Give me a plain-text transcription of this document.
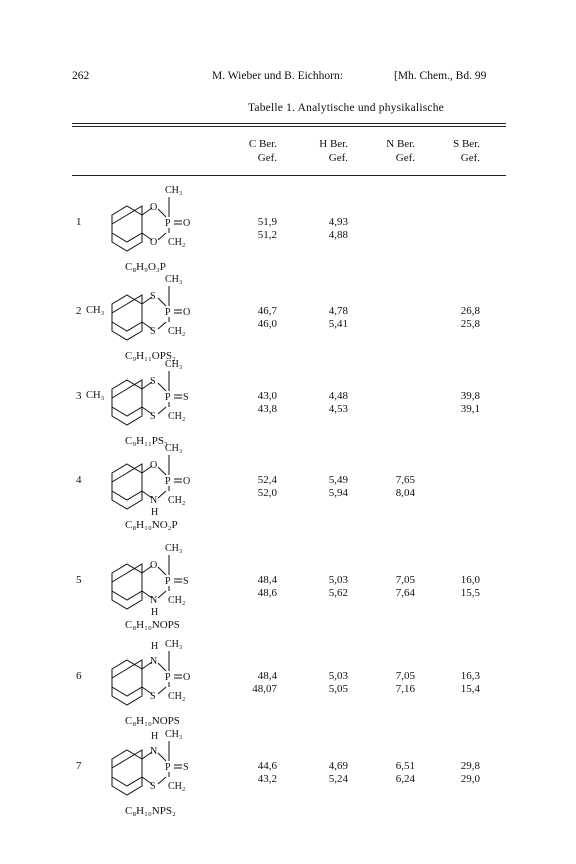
262	M. Wieber und B. Eichhorn:	[Mh. Chem., Bd. 99
Tabelle 1. Analytische und physikalische
C Ber.
Gef.
H Ber.
Gef.
N Ber.
Gef.
S Ber.
Gef.
1
CH₃
O
P O
O CH₂
C₈H₉O₃P
51,9
51,2
4,93
4,88
2
CH₃
S
P O
S CH₂
CH₃
C₉H₁₁OPS₂
46,7
46,0
4,78
5,41
26,8
25,8
3
CH₃
S
P S
S CH₂
CH₃
C₉H₁₁PS₃
43,0
43,8
4,48
4,53
39,8
39,1
4
CH₃
O
P O
N CH₂
H
C₈H₁₀NO₂P
52,4
52,0
5,49
5,94
7,65
8,04
5
CH₃
O
P S
N CH₂
H
C₈H₁₀NOPS
48,4
48,6
5,03
5,62
7,05
7,64
16,0
15,5
6
CH₃
N
P O
S CH₂
H
C₈H₁₀NOPS
48,4
48,07
5,03
5,05
7,05
7,16
16,3
15,4
7
CH₃
N
P S
S CH₂
H
C₈H₁₀NPS₂
44,6
43,2
4,69
5,24
6,51
6,24
29,8
29,0
